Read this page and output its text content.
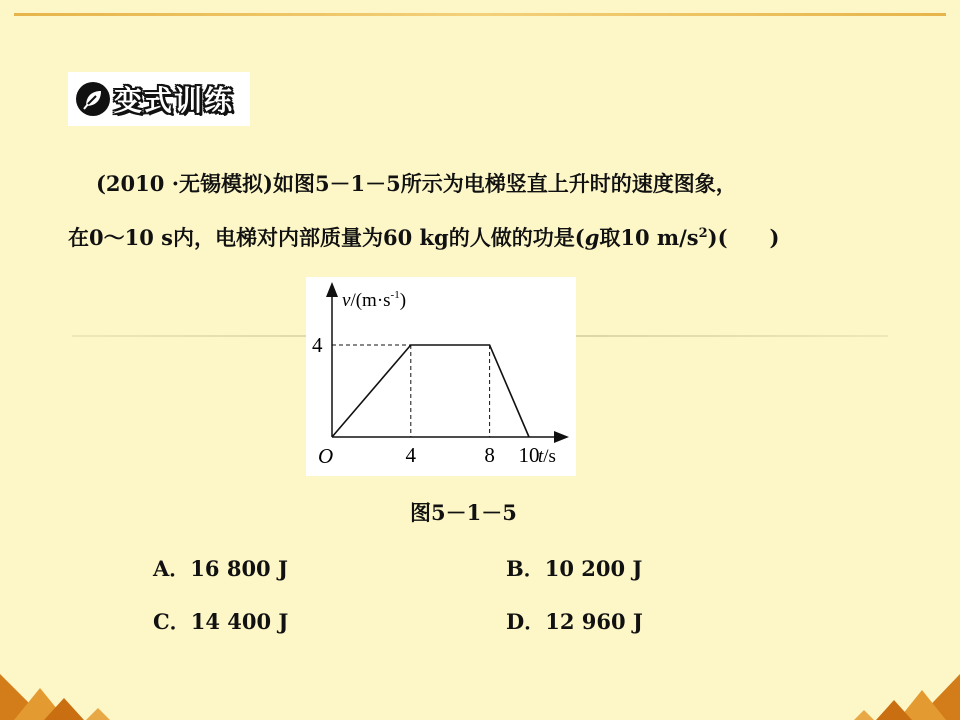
变式训练
(2010 ·无锡模拟)如图5－1－5所示为电梯竖直上升时的速度图象，
在0～10 s内，电梯对内部质量为60 kg的人做的功是(g取10 $m/s^2$)(　　)
$v/(m\cdot s^{-1})$
t/s
O	4	8 10
4
图5－1－5
A．16 800 J	B．10 200 J
C．14 400 J	D．12 960 J
